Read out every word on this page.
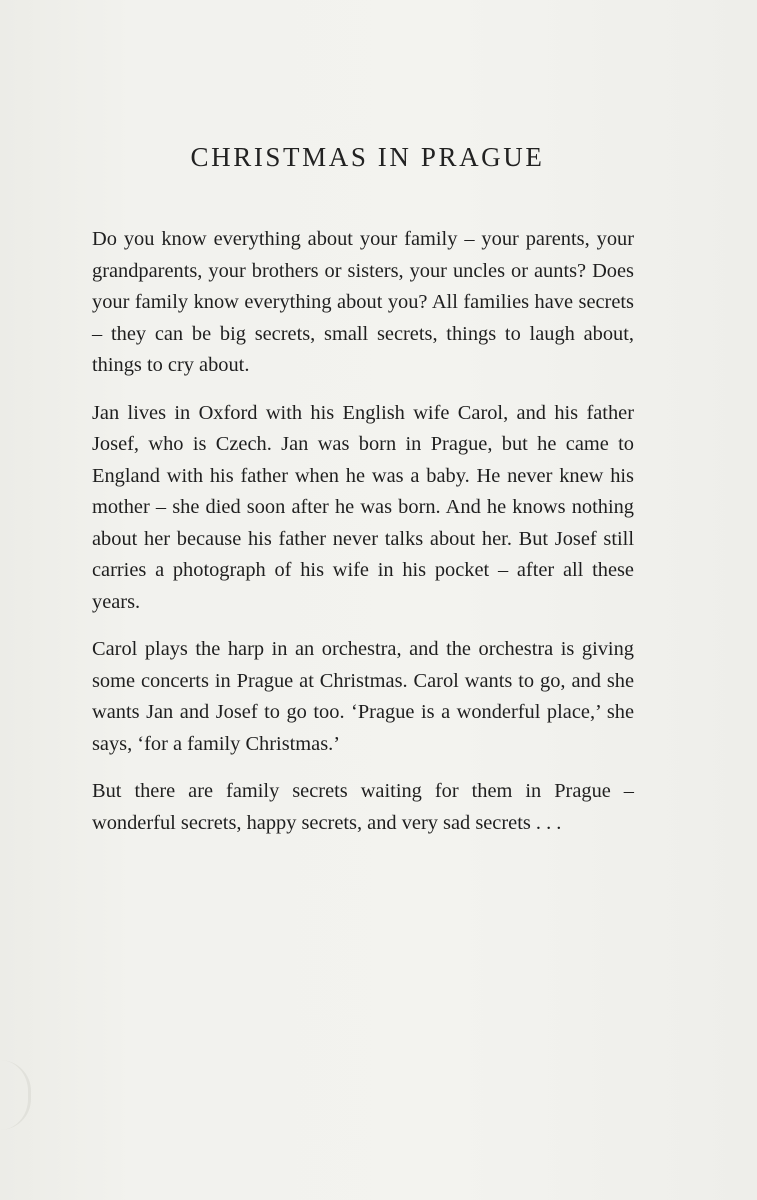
CHRISTMAS IN PRAGUE

Do you know everything about your family – your parents, your grandparents, your brothers or sisters, your uncles or aunts? Does your family know everything about you? All families have secrets – they can be big secrets, small secrets, things to laugh about, things to cry about.

Jan lives in Oxford with his English wife Carol, and his father Josef, who is Czech. Jan was born in Prague, but he came to England with his father when he was a baby. He never knew his mother – she died soon after he was born. And he knows nothing about her because his father never talks about her. But Josef still carries a photograph of his wife in his pocket – after all these years.

Carol plays the harp in an orchestra, and the orchestra is giving some concerts in Prague at Christmas. Carol wants to go, and she wants Jan and Josef to go too. ‘Prague is a wonderful place,’ she says, ‘for a family Christmas.’

But there are family secrets waiting for them in Prague – wonderful secrets, happy secrets, and very sad secrets . . .
